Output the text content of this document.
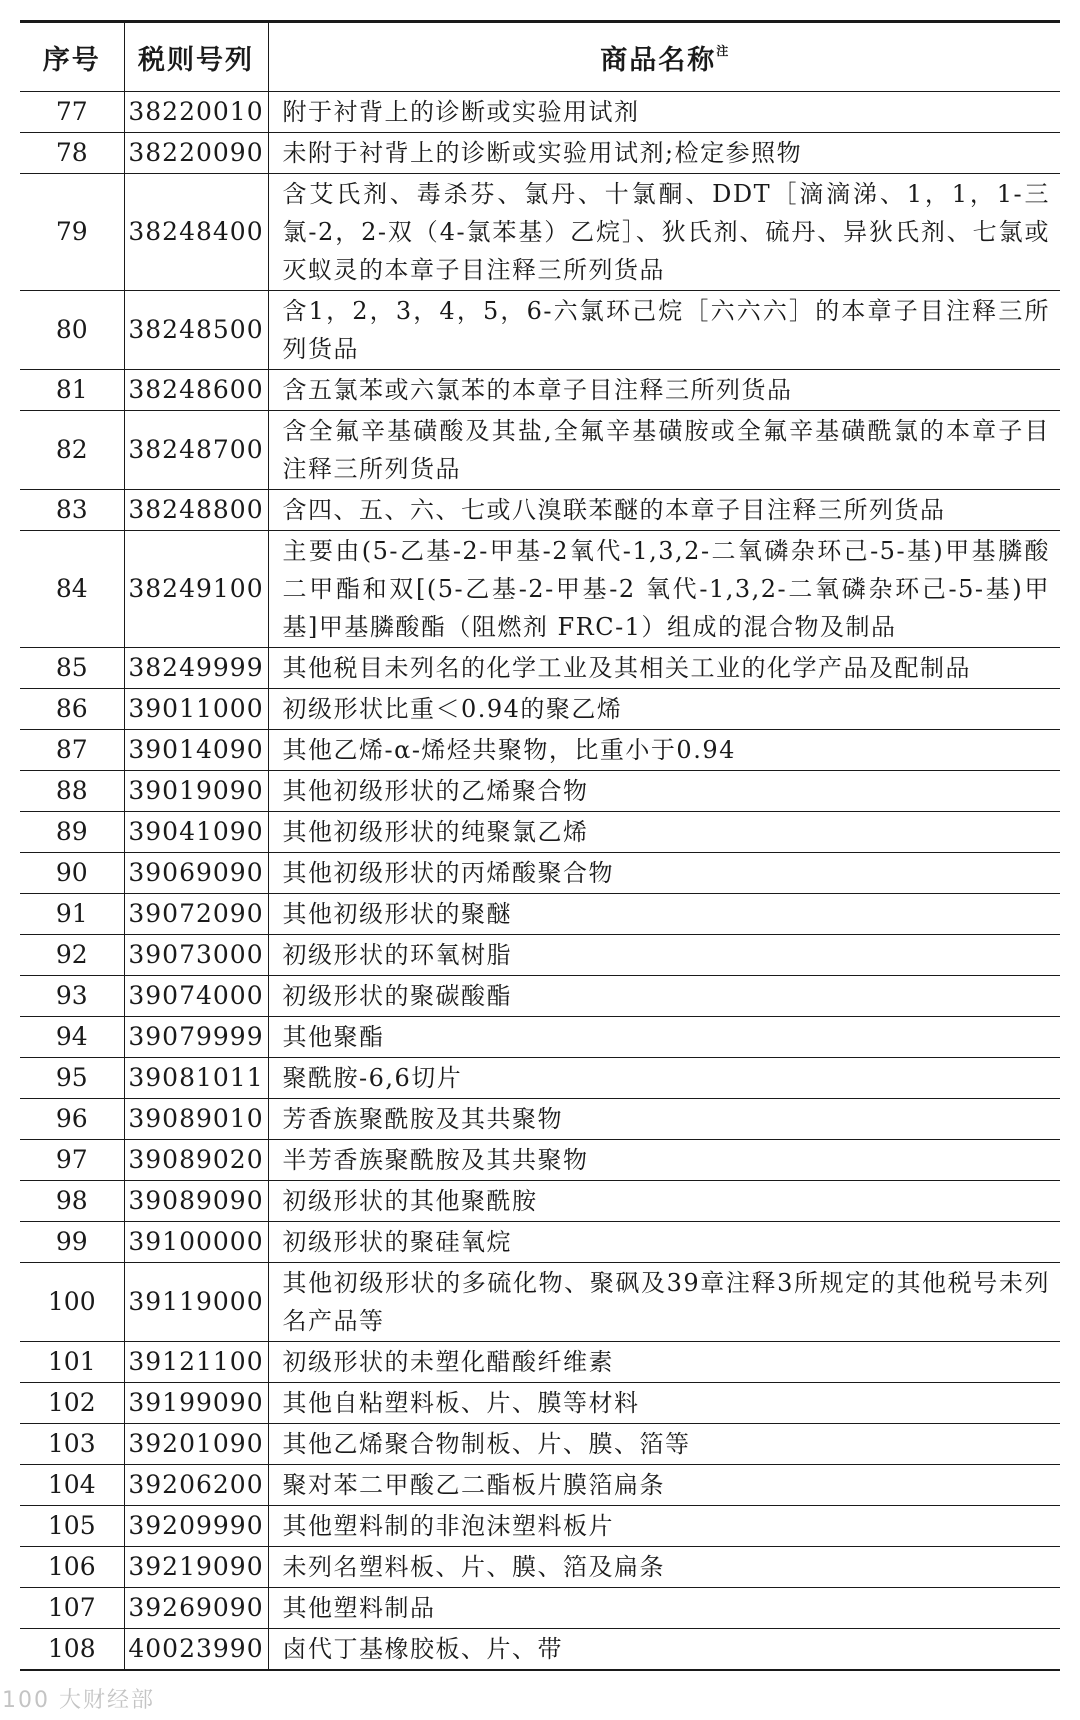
序号	税则号列	商品名称$^注$
77	38220010	附于衬背上的诊断或实验用试剂
78	38220090	未附于衬背上的诊断或实验用试剂;检定参照物
79	38248400	含艾氏剂、毒杀芬、氯丹、十氯酮、DDT［滴滴涕、1，1，1-三氯-2，2-双（4-氯苯基）乙烷］、狄氏剂、硫丹、异狄氏剂、七氯或灭蚁灵的本章子目注释三所列货品
80	38248500	含1，2，3，4，5，6-六氯环己烷［六六六］的本章子目注释三所列货品
81	38248600	含五氯苯或六氯苯的本章子目注释三所列货品
82	38248700	含全氟辛基磺酸及其盐,全氟辛基磺胺或全氟辛基磺酰氯的本章子目注释三所列货品
83	38248800	含四、五、六、七或八溴联苯醚的本章子目注释三所列货品
84	38249100	主要由(5-乙基-2-甲基-2氧代-1,3,2-二氧磷杂环己-5-基)甲基膦酸二甲酯和双[(5-乙基-2-甲基-2 氧代-1,3,2-二氧磷杂环己-5-基)甲基]甲基膦酸酯（阻燃剂 FRC-1）组成的混合物及制品
85	38249999	其他税目未列名的化学工业及其相关工业的化学产品及配制品
86	39011000	初级形状比重＜0.94的聚乙烯
87	39014090	其他乙烯-α-烯烃共聚物，比重小于0.94
88	39019090	其他初级形状的乙烯聚合物
89	39041090	其他初级形状的纯聚氯乙烯
90	39069090	其他初级形状的丙烯酸聚合物
91	39072090	其他初级形状的聚醚
92	39073000	初级形状的环氧树脂
93	39074000	初级形状的聚碳酸酯
94	39079999	其他聚酯
95	39081011	聚酰胺-6,6切片
96	39089010	芳香族聚酰胺及其共聚物
97	39089020	半芳香族聚酰胺及其共聚物
98	39089090	初级形状的其他聚酰胺
99	39100000	初级形状的聚硅氧烷
100	39119000	其他初级形状的多硫化物、聚砜及39章注释3所规定的其他税号未列名产品等
101	39121100	初级形状的未塑化醋酸纤维素
102	39199090	其他自粘塑料板、片、膜等材料
103	39201090	其他乙烯聚合物制板、片、膜、箔等
104	39206200	聚对苯二甲酸乙二酯板片膜箔扁条
105	39209990	其他塑料制的非泡沫塑料板片
106	39219090	未列名塑料板、片、膜、箔及扁条
107	39269090	其他塑料制品
108	40023990	卤代丁基橡胶板、片、带
100 大财经部
